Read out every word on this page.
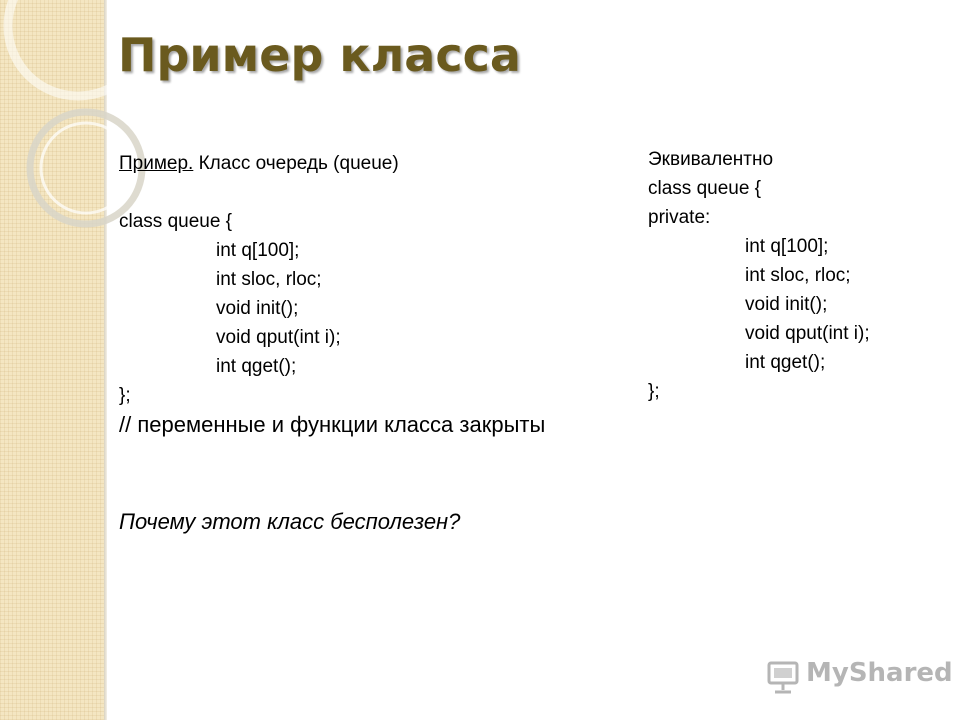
Пример класса
Пример. Класс очередь (queue)
class queue {
int q[100];
int sloc, rloc;
void init();
void qput(int i);
int qget();
};
// переменные и функции класса закрыты
Почему этот класс бесполезен?
Эквивалентно
class queue {
private:
int q[100];
int sloc, rloc;
void init();
void qput(int i);
int qget();
};
MyShared
